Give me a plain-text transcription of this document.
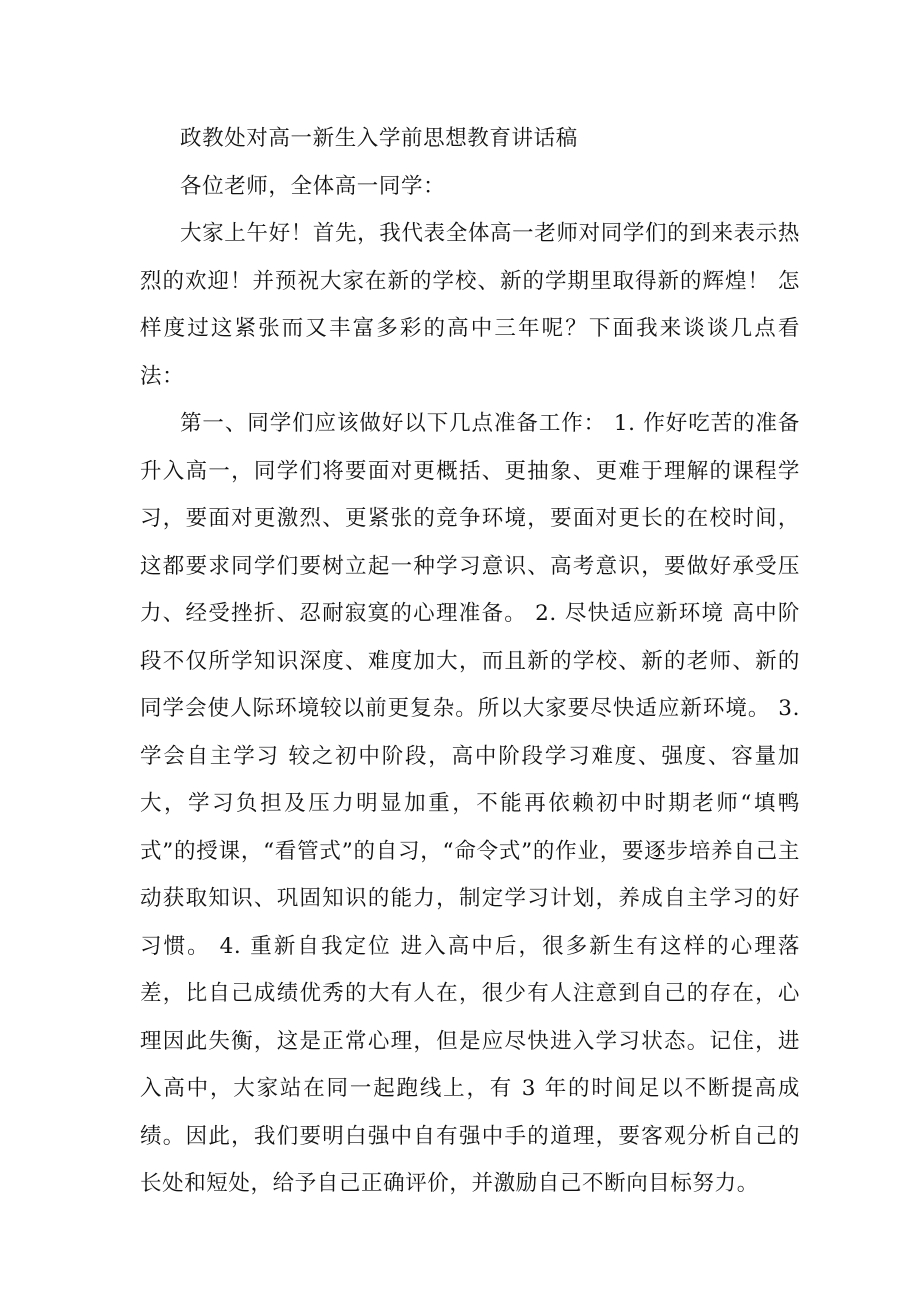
政教处对高一新生入学前思想教育讲话稿

各位老师，全体高一同学：

大家上午好！首先，我代表全体高一老师对同学们的到来表示热烈的欢迎！并预祝大家在新的学校、新的学期里取得新的辉煌！ 怎样度过这紧张而又丰富多彩的高中三年呢？下面我来谈谈几点看法：

第一、同学们应该做好以下几点准备工作： 1. 作好吃苦的准备 升入高一，同学们将要面对更概括、更抽象、更难于理解的课程学习，要面对更激烈、更紧张的竞争环境，要面对更长的在校时间，这都要求同学们要树立起一种学习意识、高考意识，要做好承受压力、经受挫折、忍耐寂寞的心理准备。 2. 尽快适应新环境 高中阶段不仅所学知识深度、难度加大，而且新的学校、新的老师、新的同学会使人际环境较以前更复杂。所以大家要尽快适应新环境。 3. 学会自主学习 较之初中阶段，高中阶段学习难度、强度、容量加大，学习负担及压力明显加重，不能再依赖初中时期老师“填鸭式”的授课，“看管式”的自习，“命令式”的作业，要逐步培养自己主动获取知识、巩固知识的能力，制定学习计划，养成自主学习的好习惯。 4. 重新自我定位 进入高中后，很多新生有这样的心理落差，比自己成绩优秀的大有人在，很少有人注意到自己的存在，心理因此失衡，这是正常心理，但是应尽快进入学习状态。记住，进入高中，大家站在同一起跑线上，有 3 年的时间足以不断提高成绩。因此，我们要明白强中自有强中手的道理，要客观分析自己的长处和短处，给予自己正确评价，并激励自己不断向目标努力。
